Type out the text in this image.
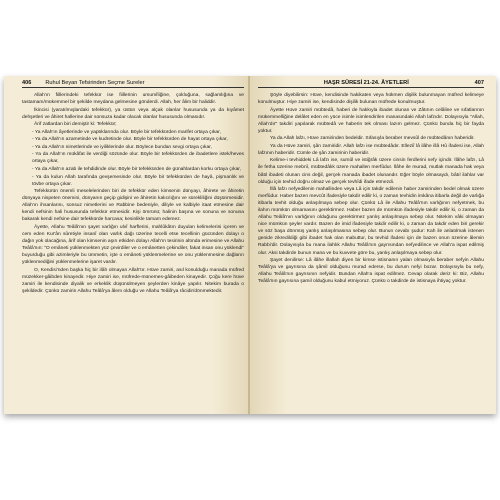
406	Ruhul Beyan Tefsirinden Seçme Sureler

Allah'ın fiillerindeki tefekkür ise fiillerinin umumîliğine, çokluğuna, sağlamlığına ve tastamam/mükemmel bir şekilde meydana gelmesine gönderdi. Allah, her âlim bir haliddir.

İkincisi (yaratılmışlardaki tefekkür), ya üstün veya alçak olanlar hususunda ya da kıyâmet dehşetleri ve âhiret hallerine dair sonsuza kadar olacak olanlar hususunda olmasıdır.

Ârif zatlardan biri demiştir ki: Tefekkür;

- Ya Allah'ın âyetlerinde ve yaptıklarında olur. Böyle bir tefekkürden marifet ortaya çıkar,

- Ya da Allah'ın azametinde ve kudretinde olur. Böyle bir tefekkürden de hayat ortaya çıkar,

- Ya da Allah'ın nimetlerinde ve iyiliklerinde olur. Böylece bundan sevgi ortaya çıkar,

- Ya da Allah'ın mükâfat ile verdiği sözünde olur. Böyle bir tefekkürden de ibadetlere istek/heves ortaya çıkar,

- Ya da Allah'ın azab ile tehdidinde olur. Böyle bir tefekkürden de günahlardan korku ortaya çıkar,

- Ya da kulun Allah tarafında gevşemesinde olur. Böyle bir tefekkürden de hayâ, pişmanlık ve tövbe ortaya çıkar.

Tefekkürün önemli meselelerinden biri de tefekkür eden kimsenin dünyayı, âhirete ve âhiretin dünyaya nispeten önemini, dünyanın geçip gidişini ve âhiretin kalıcılığını ve sürekliliğini düşünmesidir. Allah'ın ihsanlarını, sonsuz nimetlerini ve Rabbine bedeniyle, diliyle ve kalbiyle itaat etmesine dair kendi nefsinin hali hususunda tefekkür etmesidir. Kişi ömrünü; halinin başına ve sonuna ve sonuna bakarak kendi nefsine dair tefekkürde harcasa; kesinlikle tamam edemez.

Âyette, Allahu Teâlâ'nın şayet varlığın ulvî harflerini, mahlûkâtın duyulan kelimelerini içeren ve cem eden Kur'ân sûretiyle insanî olan varlık dağı üzerine tecelli etse tecellinin gücünden dolayı o dağın yok olacağına, ârif olan kimsenin aşırı etkiden dolayı Allah'ın tesirinin altında erimesine ve Allahu Teâlâ'nın: "O emâneti yüklenmekten yüz çevirdiler ve o emânetten çekindiler, fakat insan onu yüklendi" buyurduğu gibi azimleriyle bu ümmetin, işte o emâneti yüklenmelerine ve onu yüklenmesine dağların yüklenmediğini yüklenmelerine işaret vardır.

O, Kendisi'nden başka hiç bir ilâh olmayan Allah'tır. Hüve zamiri, asıl konulduğu manada müfred müzekker-gâibden kinayedir. Hiye zamiri ise, müfrede-münemes-gâibeden kinayedir. Çoğu kere hüve zamiri ile kendisinde diyalik ve erkeklik düşünülmeyen şeylerden kinâye yapılır. Nitekim burada o şekildedir. Çünkü zamirin Allahu Teâlâ'ya âlem olduğu ve Allahu Teâlâ'ya râcidir/dönmektedir.

HAŞR SÛRESİ 21-24. ÂYETLERİ	407

Şöyle diyebilirsin: Hüve, kendisinde hakikaten veya hükmen dişilik bulunmayan müfred kelimeye konulmuştur. Hiye zamiri ise, kendisinde dişilik bulunan müfrede konulmuştur.

Âyette Hüve zamiri mübtedâ, haberi de hakkıyla ibadet olunan ve Zâtının celâline ve sıfatlarının mükemmelliğine delâlet eden en yüce isimle isimlendirilen manasındaki Allah lafzıdır. Dolayısıyla "Allah, Allah'dır" takdiri yapılarak mübtedâ ve haberin tek olması lazım gelmez. Çünkü bunda hiç bir fayda yoktur.

Ya da Allah lafzı, Hüve zamirinden bedeldir. Sıfasıyla beraber mevsûl de mübtedânın haberidir.

Ya da Hüve zamiri, şân zamiridir. Allah lafzı ise mübtedâdır. Elleziî lâ ilâhe illâ Hû ifadesi ise, Allah lafzının haberidir. Cümle de şân zamirinin haberidir.

Kelime-i tevhiddeki Lâ lafzı ise, sumûl ve istiğrâk üzere cinsin ferdlerini nefy içindir. İlâhe lafzı, Lâ ile fetha üzerine mebnî, mübtedâlık üzere mahallen merfûdur. İlâhe ile murad, mutlak manada hak veya bâtıl ibadeti olunan cins değil, gerçek manada ibadet olunandır. Eğer böyle olmasaydı, bâtıl ilahlar var olduğu için tevhid doğru olmaz ve gerçek tevhîdi ifade etmezdi.

İllâ lafzı nefyedilenin mahallinden veya Lâ için takdir edilenin haber zamirinden bedel olmak üzere merfûdur. Haber bazen mevcût ifadesiyle takdir edilir ki, o zaman tevhidin imkâna itibarla değil de varlığa itibarla tevhit olduğu anlaşılmaya sebep olur. Çünkü Lâ ile Allahu Teâlâ'nın varlığının nefyetmek, bu ilahın mümkün olmamasını gerektirmez. Haber bazen de mümkün ifadesiyle takdir edilir ki, o zaman da Allahu Teâlâ'nın varlığının olduğunu gerektirmez yanlış anlaşılmaya sebep olur. Nitekim vâki olmayan nice mümkün şeyler vardır. Bazen de imid ifadesiyle takdir edilir ki, o zaman da takdir eden biri gerekir ve söz başa dönmüş yanlış anlaşılmasına sebep olur. Bunun cevabı şudur: Kah ile anlatılmak istenen genide zikredildiği gibi ibadet hak olan mabuttur, bu tevhid ifadesi için de bazen onun üzerine âlemin Rabbi'dir. Dolayısıyla bu mana ilahlık Allahu Teâlâ'nın gayrısından nefyedilince ve Allah'a ispat edilmiş olur. Aksi takdirde bunun mana ve bu kuvvete göre bu, yanlış anlaşılmaya sebep olur.

Şayet denilirse: Lâ ilâhe illallah diyen bir kimse istisnanın yalan olmasıyla beraber nefyin Allahu Teâlâ'ya ve gayrısına da şâmil olduğunu murad ederse, bu durum nefyi bozar. Dolayısıyla bu nefy, Allahu Teâlâ'nın gayrısının nefyidir. Bundan Allah'a ispat edilmez. Cevap olarak deriz ki: Biz, Allahu Teâlâ'nın gayrısına şamil olduğunu kabul etmiyoruz. Çünkü o takdirde de istisnaya ihtiyaç yoktur.
